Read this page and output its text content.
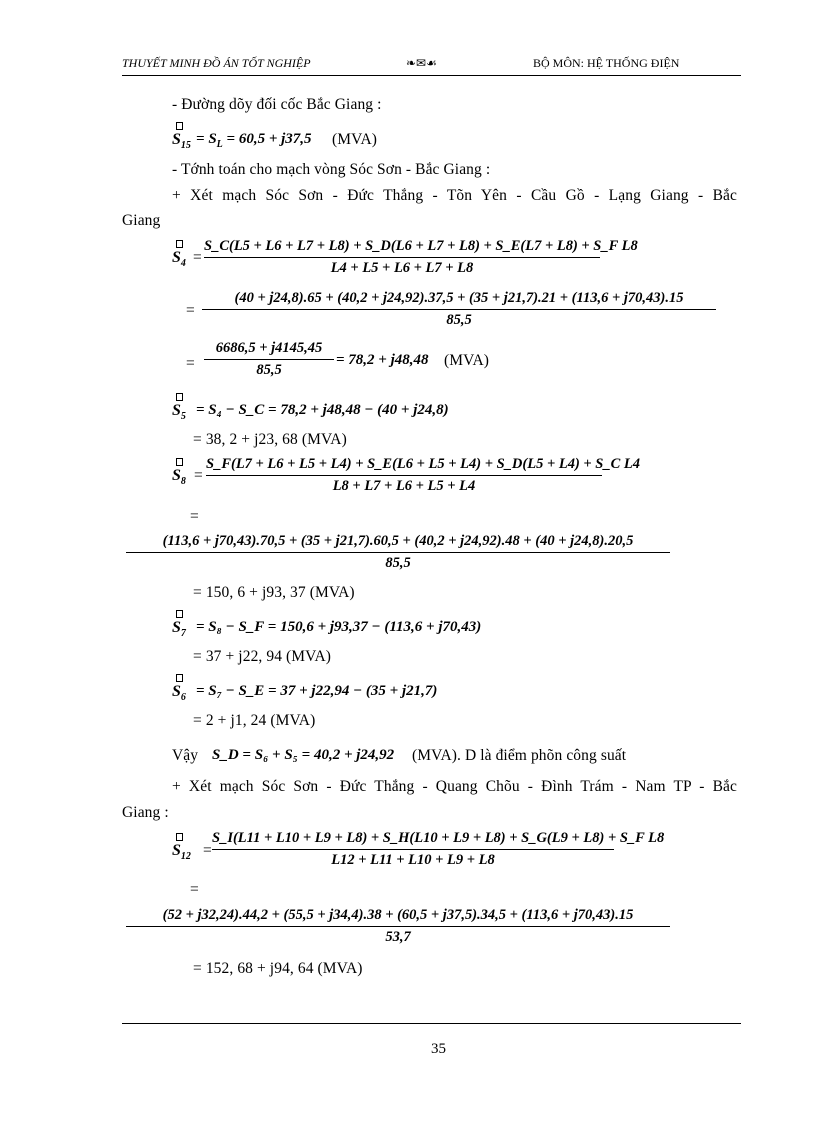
THUYẾT MINH ĐỒ ÁN TỐT NGHIỆP	❧✉☙	BỘ MÔN: HỆ THỐNG ĐIỆN
- Đường dõy đối cốc Bắc Giang :
$S_{15} = S_L = 60,5 + j37,5$ (MVA)
- Tớnh toán cho mạch vòng Sóc Sơn - Bắc Giang :
+ Xét mạch Sóc Sơn - Đức Thắng - Tõn Yên - Cầu Gồ - Lạng Giang - Bắc
Giang
$S_4$ =
S_C(L5 + L6 + L7 + L8) + S_D(L6 + L7 + L8) + S_E(L7 + L8) + S_F L8
L4 + L5 + L6 + L7 + L8
=
(40 + j24,8).65 + (40,2 + j24,92).37,5 + (35 + j21,7).21 + (113,6 + j70,43).15
85,5
=
6686,5 + j4145,45
85,5
= 78,2 + j48,48 (MVA)
$S_5 = S_4$ − S_C = 78,2 + j48,48 − (40 + j24,8)
= 38, 2 + j23, 68 (MVA)
$S_8$ =
S_F(L7 + L6 + L5 + L4) + S_E(L6 + L5 + L4) + S_D(L5 + L4) + S_C L4
L8 + L7 + L6 + L5 + L4
=
(113,6 + j70,43).70,5 + (35 + j21,7).60,5 + (40,2 + j24,92).48 + (40 + j24,8).20,5
85,5
= 150, 6 + j93, 37 (MVA)
$S_7 = S_8$ − S_F = 150,6 + j93,37 − (113,6 + j70,43)
= 37 + j22, 94 (MVA)
$S_6 = S_7$ − S_E = 37 + j22,94 − (35 + j21,7)
= 2 + j1, 24 (MVA)
Vậy S_D = S₆ + S₅ = 40,2 + j24,92 (MVA). D là điểm phõn công suất
+ Xét mạch Sóc Sơn - Đức Thắng - Quang Chõu - Đình Trám - Nam TP - Bắc
Giang :
$S_{12}$ =
S_I(L11 + L10 + L9 + L8) + S_H(L10 + L9 + L8) + S_G(L9 + L8) + S_F L8
L12 + L11 + L10 + L9 + L8
=
(52 + j32,24).44,2 + (55,5 + j34,4).38 + (60,5 + j37,5).34,5 + (113,6 + j70,43).15
53,7
= 152, 68 + j94, 64 (MVA)
35
